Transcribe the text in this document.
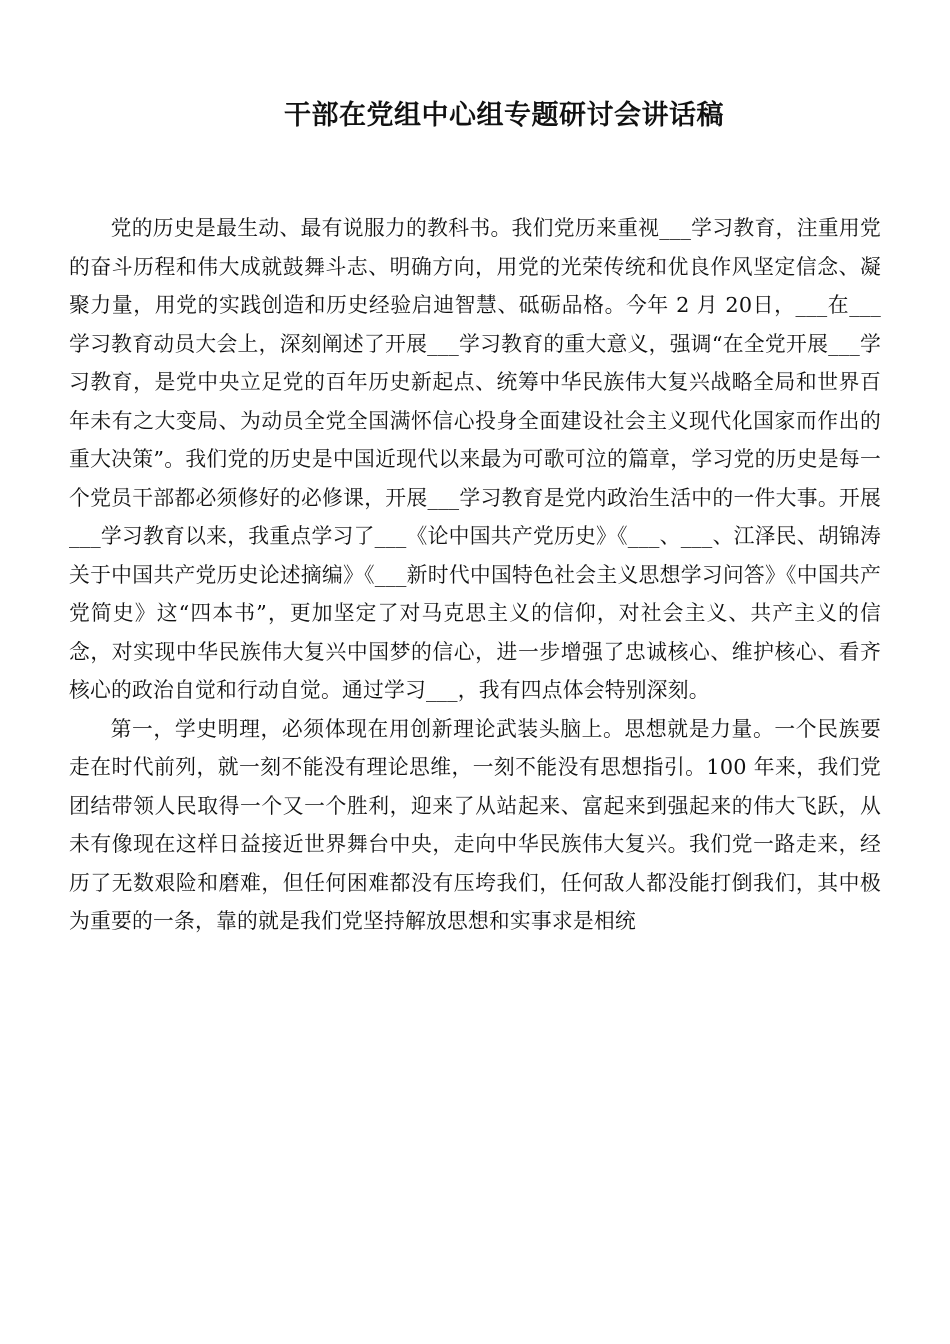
干部在党组中心组专题研讨会讲话稿

党的历史是最生动、最有说服力的教科书。我们党历来重视___学习教育，注重用党的奋斗历程和伟大成就鼓舞斗志、明确方向，用党的光荣传统和优良作风坚定信念、凝聚力量，用党的实践创造和历史经验启迪智慧、砥砺品格。今年 2 月 20日，___在___学习教育动员大会上，深刻阐述了开展___学习教育的重大意义，强调“在全党开展___学习教育，是党中央立足党的百年历史新起点、统筹中华民族伟大复兴战略全局和世界百年未有之大变局、为动员全党全国满怀信心投身全面建设社会主义现代化国家而作出的重大决策”。我们党的历史是中国近现代以来最为可歌可泣的篇章，学习党的历史是每一个党员干部都必须修好的必修课，开展___学习教育是党内政治生活中的一件大事。开展___学习教育以来，我重点学习了___《论中国共产党历史》《___、___、江泽民、胡锦涛关于中国共产党历史论述摘编》《___新时代中国特色社会主义思想学习问答》《中国共产党简史》这“四本书”，更加坚定了对马克思主义的信仰，对社会主义、共产主义的信念，对实现中华民族伟大复兴中国梦的信心，进一步增强了忠诚核心、维护核心、看齐核心的政治自觉和行动自觉。通过学习___，我有四点体会特别深刻。

第一，学史明理，必须体现在用创新理论武装头脑上。思想就是力量。一个民族要走在时代前列，就一刻不能没有理论思维，一刻不能没有思想指引。100 年来，我们党团结带领人民取得一个又一个胜利，迎来了从站起来、富起来到强起来的伟大飞跃，从未有像现在这样日益接近世界舞台中央，走向中华民族伟大复兴。我们党一路走来，经历了无数艰险和磨难，但任何困难都没有压垮我们，任何敌人都没能打倒我们，其中极为重要的一条，靠的就是我们党坚持解放思想和实事求是相统
